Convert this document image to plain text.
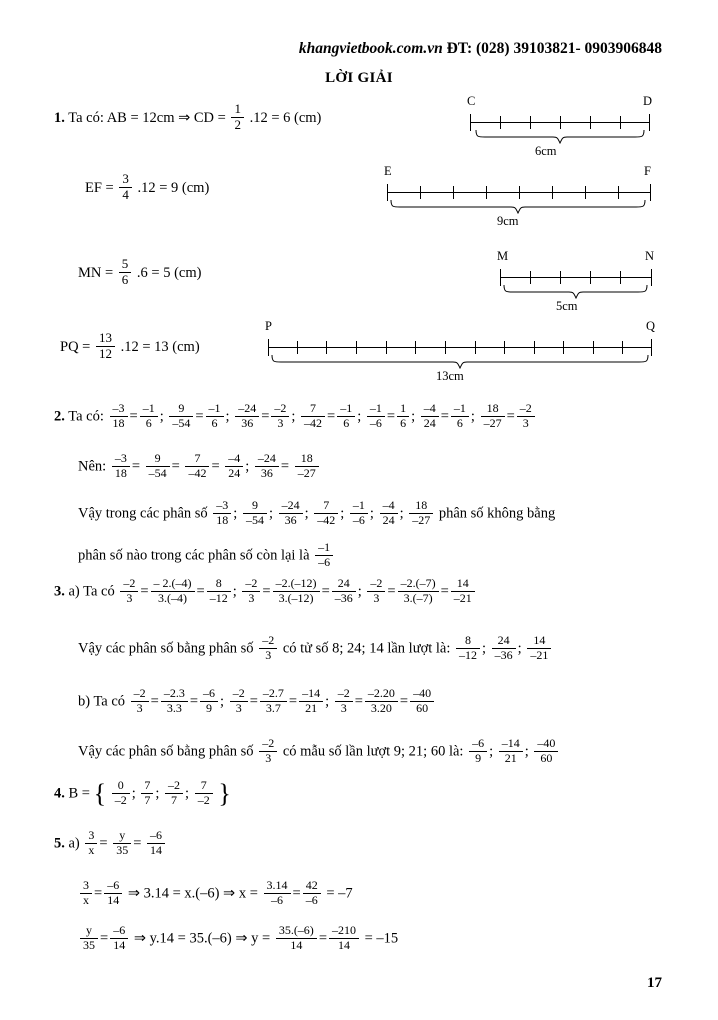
khangvietbook.com.vn ĐT: (028) 39103821- 0903906848
LỜI GIẢI
1. Ta có: AB = 12cm ⇒ CD = $\frac{1}{2} .12 = 6$ (cm)
EF = $\frac{3}{4} .12 = 9$ (cm)
MN = $\frac{5}{6} .6 = 5$ (cm)
PQ = $\frac{13}{12} .12 = 13$ (cm)
C	D
6cm
E	F
9cm
M	N
5cm
P	Q
13cm
2. Ta có: $\frac{-3}{18} = \frac{-1}{6}$ ; $\frac{9}{-54} = \frac{-1}{6}$ ; $\frac{-24}{36} = \frac{-2}{3}$ ; $\frac{7}{-42} = \frac{-1}{6}$ ; $\frac{-1}{-6} = \frac{1}{6}$ ; $\frac{-4}{24} = \frac{-1}{6}$ ; $\frac{18}{-27} = \frac{-2}{3}$
Nên: $\frac{-3}{18} = \frac{9}{-54} = \frac{7}{-42} = \frac{-4}{24}$ ; $\frac{-24}{36} = \frac{18}{-27}$
Vậy trong các phân số $\frac{-3}{18}$ ; $\frac{9}{-54}$ ; $\frac{-24}{36}$ ; $\frac{7}{-42}$ ; $\frac{-1}{-6}$ ; $\frac{-4}{24}$ ; $\frac{18}{-27}$ phân số không bằng
phân số nào trong các phân số còn lại là $\frac{-1}{-6}$
3. a) Ta có $\frac{-2}{3} = \frac{- 2.(-4)}{3.(-4)} = \frac{8}{-12}$ ; $\frac{-2}{3} = \frac{-2.(-12)}{3.(-12)} = \frac{24}{-36}$ ; $\frac{-2}{3} = \frac{-2.(-7)}{3.(-7)} = \frac{14}{-21}$
Vậy các phân số bằng phân số $\frac{-2}{3}$ có tử số 8; 24; 14 lần lượt là: $\frac{8}{-12}$ ; $\frac{24}{-36}$ ; $\frac{14}{-21}$
b) Ta có $\frac{-2}{3} = \frac{-2.3}{3.3} = \frac{-6}{9}$ ; $\frac{-2}{3} = \frac{-2.7}{3.7} = \frac{-14}{21}$ ; $\frac{-2}{3} = \frac{-2.20}{3.20} = \frac{-40}{60}$
Vậy các phân số bằng phân số $\frac{-2}{3}$ có mẫu số lần lượt 9; 21; 60 là: $\frac{-6}{9}$ ; $\frac{-14}{21}$ ; $\frac{-40}{60}$
4. B = { $\frac{0}{-2}$ ; $\frac{7}{7}$ ; $\frac{-2}{7}$ ; $\frac{7}{-2}$ }
5. $a) \frac{3}{x} = \frac{y}{35} = \frac{-6}{14}$
$\frac{3}{x} = \frac{-6}{14}$ ⇒ 3.14 = x.(–6) ⇒ $x = \frac{3.14}{-6} = \frac{42}{-6} = -7$
$\frac{y}{35} = \frac{-6}{14}$ ⇒ y.14 = 35.(–6) ⇒ $y = \frac{35.(-6)}{14} = \frac{-210}{14} = -15$
17
